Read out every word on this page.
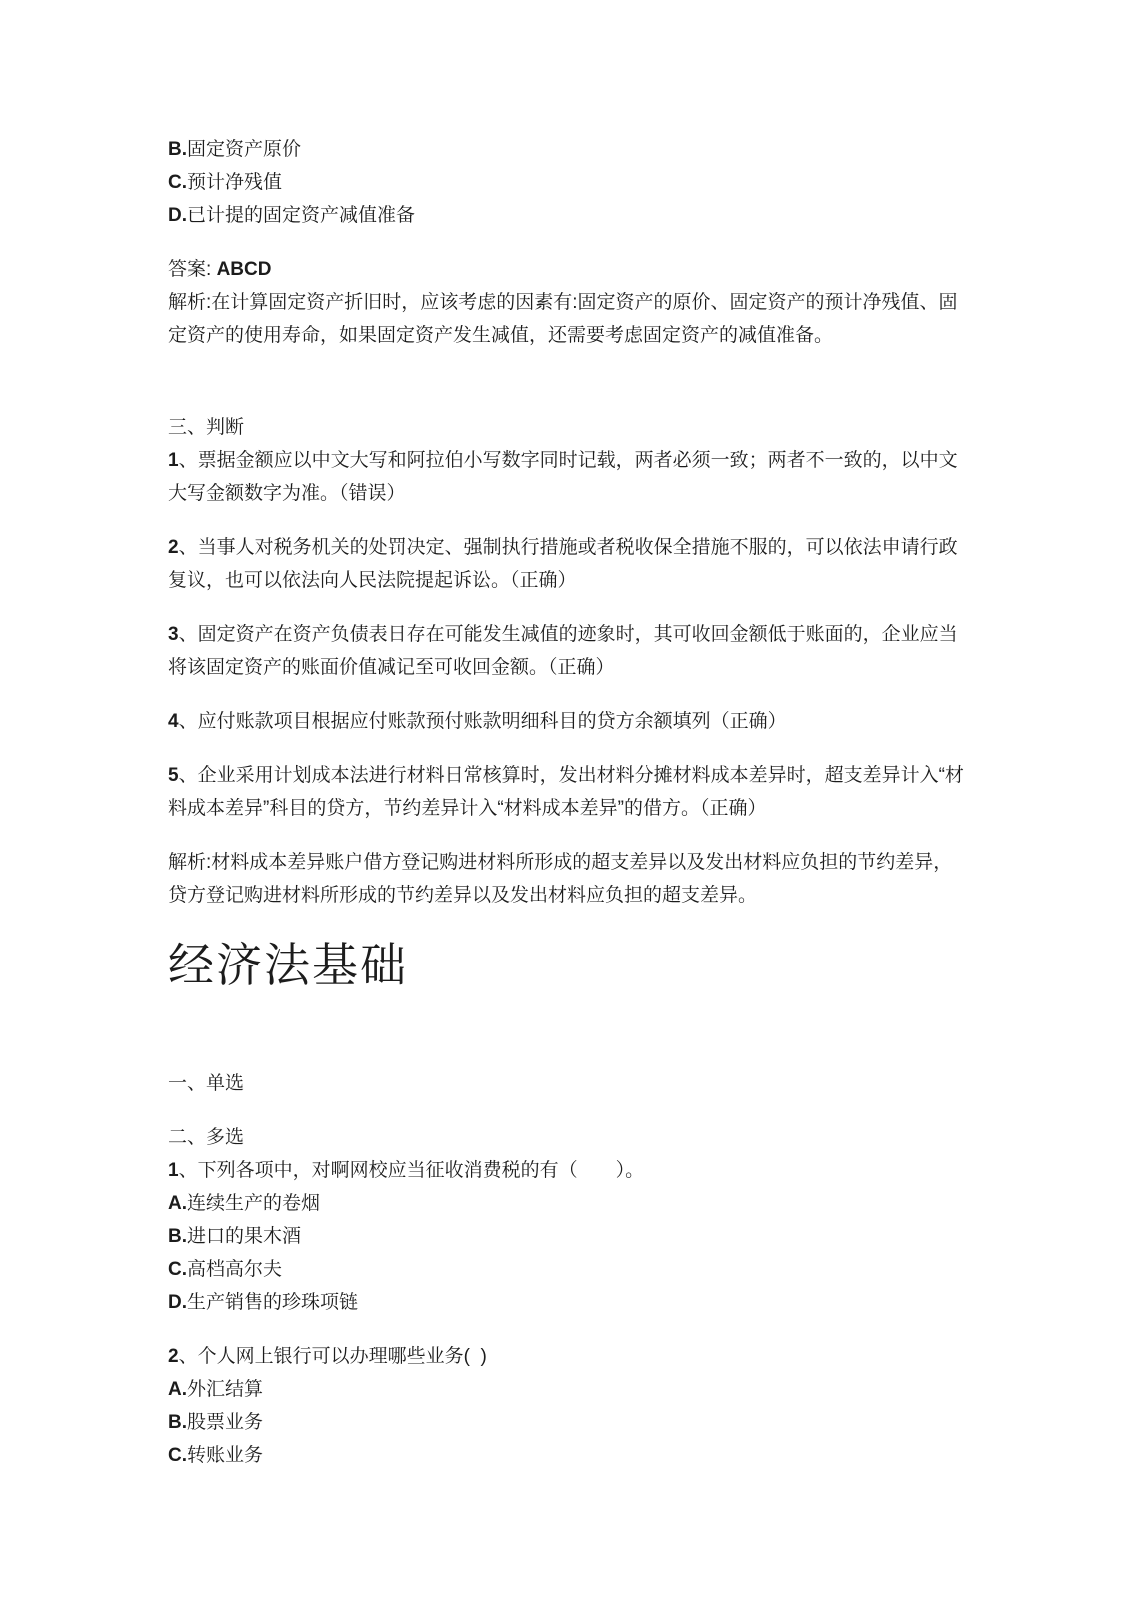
B.固定资产原价
C.预计净残值
D.已计提的固定资产减值准备
答案: ABCD
解析:在计算固定资产折旧时，应该考虑的因素有:固定资产的原价、固定资产的预计净残值、固定资产的使用寿命，如果固定资产发生减值，还需要考虑固定资产的减值准备。
三、判断
1、票据金额应以中文大写和阿拉伯小写数字同时记载，两者必须一致；两者不一致的，以中文大写金额数字为准。（错误）
2、当事人对税务机关的处罚决定、强制执行措施或者税收保全措施不服的，可以依法申请行政复议，也可以依法向人民法院提起诉讼。（正确）
3、固定资产在资产负债表日存在可能发生减值的迹象时，其可收回金额低于账面的，企业应当将该固定资产的账面价值减记至可收回金额。（正确）
4、应付账款项目根据应付账款预付账款明细科目的贷方余额填列（正确）
5、企业采用计划成本法进行材料日常核算时，发出材料分摊材料成本差异时，超支差异计入“材料成本差异”科目的贷方，节约差异计入“材料成本差异”的借方。（正确）
解析:材料成本差异账户借方登记购进材料所形成的超支差异以及发出材料应负担的节约差异，贷方登记购进材料所形成的节约差异以及发出材料应负担的超支差异。
经济法基础
一、单选
二、多选
1、下列各项中，对啊网校应当征收消费税的有（　　）。
A.连续生产的卷烟
B.进口的果木酒
C.高档高尔夫
D.生产销售的珍珠项链
2、个人网上银行可以办理哪些业务(  )
A.外汇结算
B.股票业务
C.转账业务
